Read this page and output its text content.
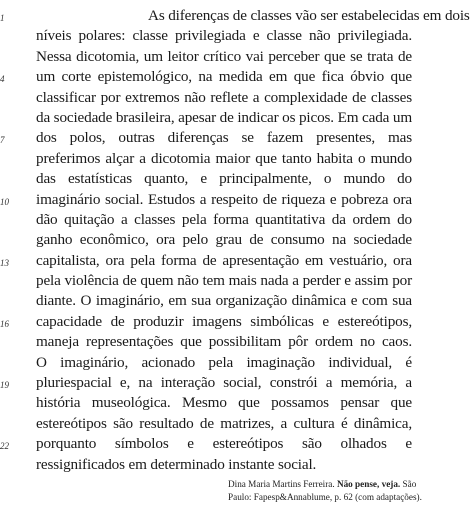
1	As diferenças de classes vão ser estabelecidas em dois
níveis polares: classe privilegiada e classe não privilegiada.
Nessa dicotomia, um leitor crítico vai perceber que se trata de
4	um corte epistemológico, na medida em que fica óbvio que
classificar por extremos não reflete a complexidade de classes
da sociedade brasileira, apesar de indicar os picos. Em cada um
7	dos polos, outras diferenças se fazem presentes, mas
preferimos alçar a dicotomia maior que tanto habita o mundo
das estatísticas quanto, e principalmente, o mundo do
10	imaginário social. Estudos a respeito de riqueza e pobreza ora
dão quitação a classes pela forma quantitativa da ordem do
ganho econômico, ora pelo grau de consumo na sociedade
13	capitalista, ora pela forma de apresentação em vestuário, ora
pela violência de quem não tem mais nada a perder e assim por
diante. O imaginário, em sua organização dinâmica e com sua
16	capacidade de produzir imagens simbólicas e estereótipos,
maneja representações que possibilitam pôr ordem no caos.
O imaginário, acionado pela imaginação individual, é
19	pluriespacial e, na interação social, constrói a memória, a
história museológica. Mesmo que possamos pensar que
estereótipos são resultado de matrizes, a cultura é dinâmica,
22	porquanto símbolos e estereótipos são olhados e
ressignificados em determinado instante social.
Dina Maria Martins Ferreira. Não pense, veja. São
Paulo: Fapesp&Annablume, p. 62 (com adaptações).
